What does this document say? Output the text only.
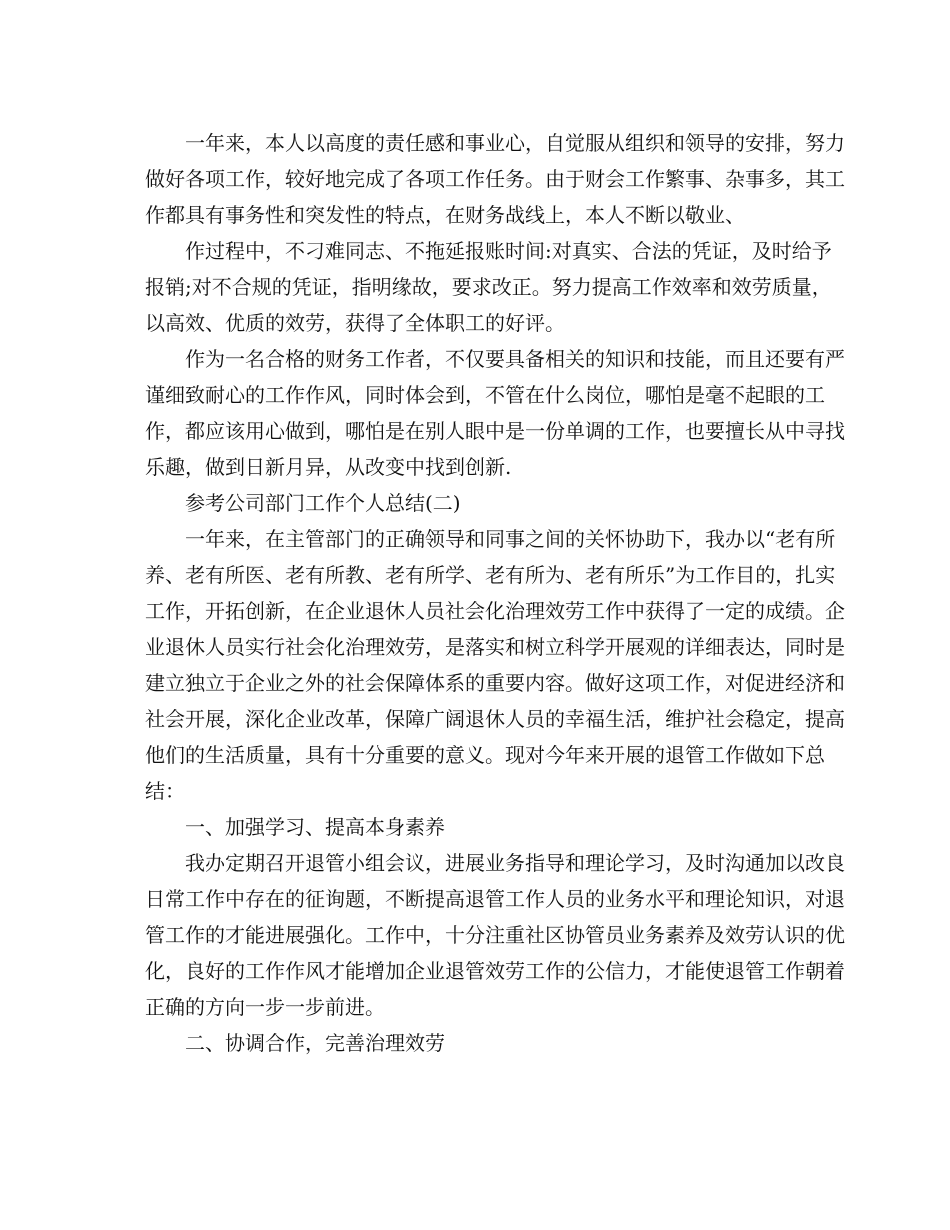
一年来，本人以高度的责任感和事业心，自觉服从组织和领导的安排，努力

做好各项工作，较好地完成了各项工作任务。由于财会工作繁事、杂事多，其工

作都具有事务性和突发性的特点，在财务战线上，本人不断以敬业、

作过程中，不刁难同志、不拖延报账时间:对真实、合法的凭证，及时给予

报销;对不合规的凭证，指明缘故，要求改正。努力提高工作效率和效劳质量，

以高效、优质的效劳，获得了全体职工的好评。

作为一名合格的财务工作者，不仅要具备相关的知识和技能，而且还要有严

谨细致耐心的工作作风，同时体会到，不管在什么岗位，哪怕是毫不起眼的工

作，都应该用心做到，哪怕是在别人眼中是一份单调的工作，也要擅长从中寻找

乐趣，做到日新月异，从改变中找到创新.

参考公司部门工作个人总结(二)

一年来，在主管部门的正确领导和同事之间的关怀协助下，我办以“老有所

养、老有所医、老有所教、老有所学、老有所为、老有所乐”为工作目的，扎实

工作，开拓创新，在企业退休人员社会化治理效劳工作中获得了一定的成绩。企

业退休人员实行社会化治理效劳，是落实和树立科学开展观的详细表达，同时是

建立独立于企业之外的社会保障体系的重要内容。做好这项工作，对促进经济和

社会开展，深化企业改革，保障广阔退休人员的幸福生活，维护社会稳定，提高

他们的生活质量，具有十分重要的意义。现对今年来开展的退管工作做如下总

结：

一、加强学习、提高本身素养

我办定期召开退管小组会议，进展业务指导和理论学习，及时沟通加以改良

日常工作中存在的征询题，不断提高退管工作人员的业务水平和理论知识，对退

管工作的才能进展强化。工作中，十分注重社区协管员业务素养及效劳认识的优

化，良好的工作作风才能增加企业退管效劳工作的公信力，才能使退管工作朝着

正确的方向一步一步前进。

二、协调合作，完善治理效劳
